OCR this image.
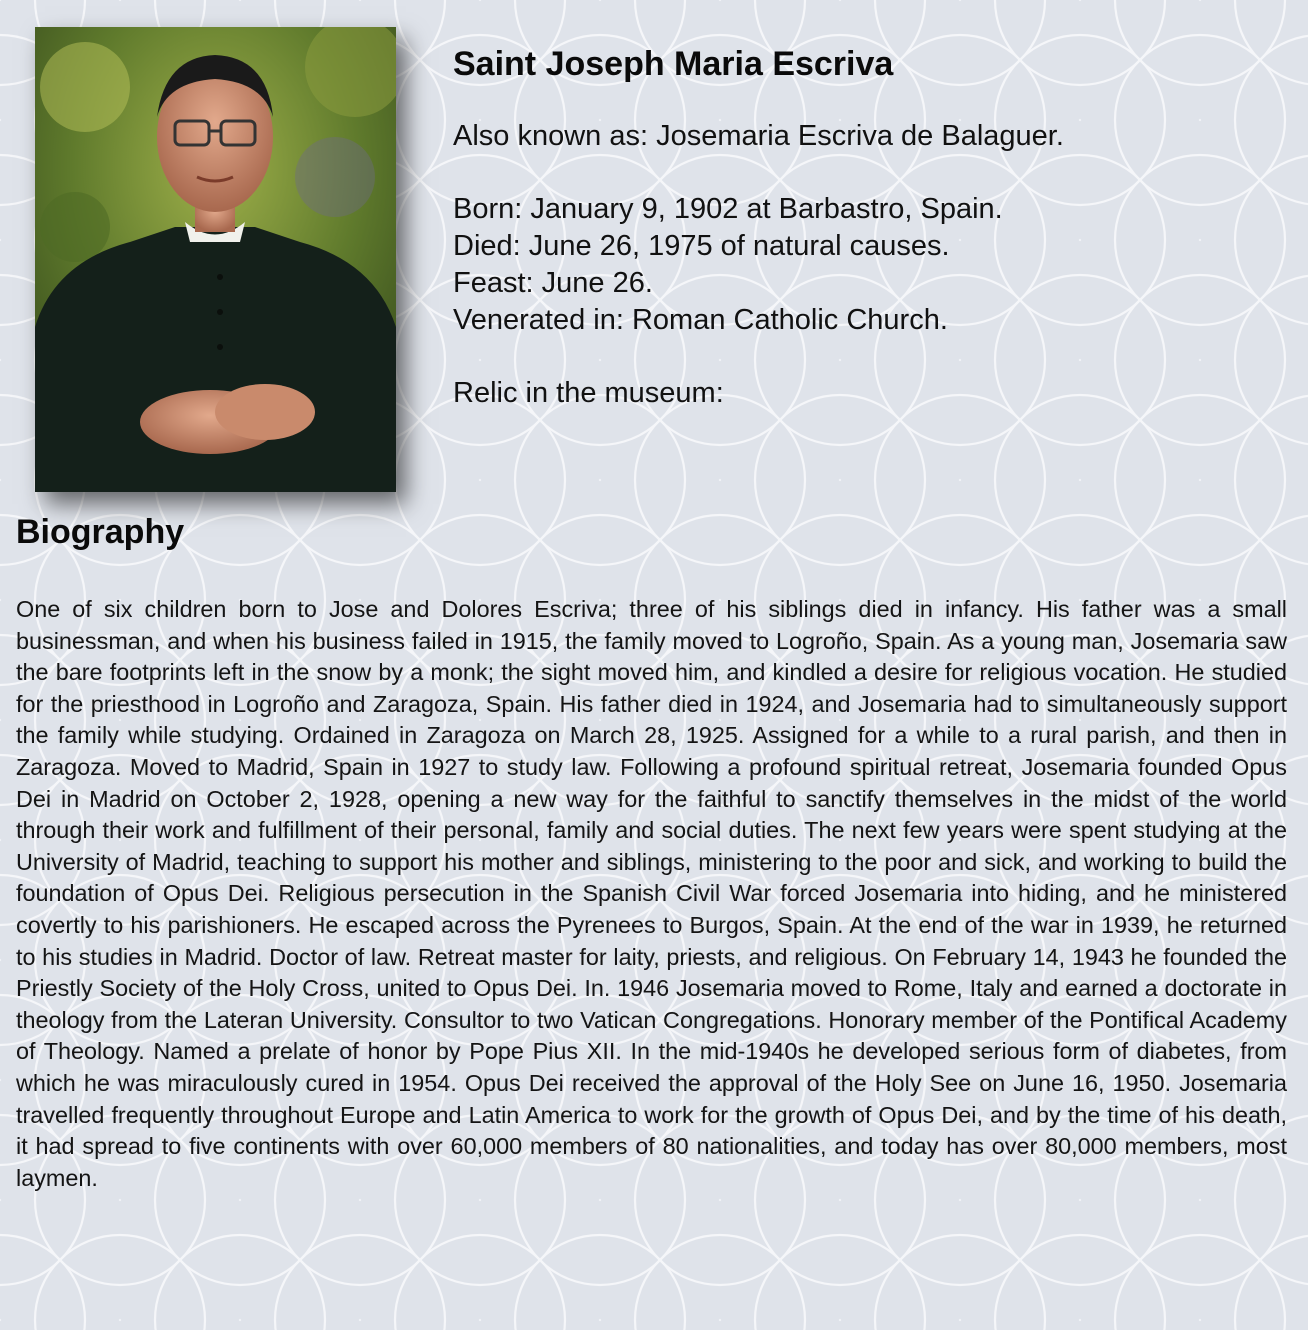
Saint Joseph Maria Escriva

Also known as: Josemaria Escriva de Balaguer.

Born: January 9, 1902 at Barbastro, Spain.

Died: June 26, 1975 of natural causes.

Feast: June 26.

Venerated in: Roman Catholic Church.

Relic in the museum:

Biography

One of six children born to Jose and Dolores Escriva; three of his siblings died in infancy. His father was a small businessman, and when his business failed in 1915, the family moved to Logroño, Spain. As a young man, Josemaria saw the bare footprints left in the snow by a monk; the sight moved him, and kindled a desire for religious vocation. He studied for the priesthood in Logroño and Zaragoza, Spain. His father died in 1924, and Josemaria had to simultaneously support the family while studying. Ordained in Zaragoza on March 28, 1925. Assigned for a while to a rural parish, and then in Zaragoza. Moved to Madrid, Spain in 1927 to study law. Following a profound spiritual retreat, Josemaria founded Opus Dei in Madrid on October 2, 1928, opening a new way for the faithful to sanctify themselves in the midst of the world through their work and fulfillment of their personal, family and social duties. The next few years were spent studying at the University of Madrid, teaching to support his mother and siblings, ministering to the poor and sick, and working to build the foundation of Opus Dei. Religious persecution in the Spanish Civil War forced Josemaria into hiding, and he ministered covertly to his parishioners. He escaped across the Pyrenees to Burgos, Spain. At the end of the war in 1939, he returned to his studies in Madrid. Doctor of law. Retreat master for laity, priests, and religious. On February 14, 1943 he founded the Priestly Society of the Holy Cross, united to Opus Dei. In. 1946 Josemaria moved to Rome, Italy and earned a doctorate in theology from the Lateran University. Consultor to two Vatican Congregations. Honorary member of the Pontifical Academy of Theology. Named a prelate of honor by Pope Pius XII. In the mid-1940s he developed serious form of diabetes, from which he was miraculously cured in 1954. Opus Dei received the approval of the Holy See on June 16, 1950. Josemaria travelled frequently throughout Europe and Latin America to work for the growth of Opus Dei, and by the time of his death, it had spread to five continents with over 60,000 members of 80 nationalities, and today has over 80,000 members, most laymen.
